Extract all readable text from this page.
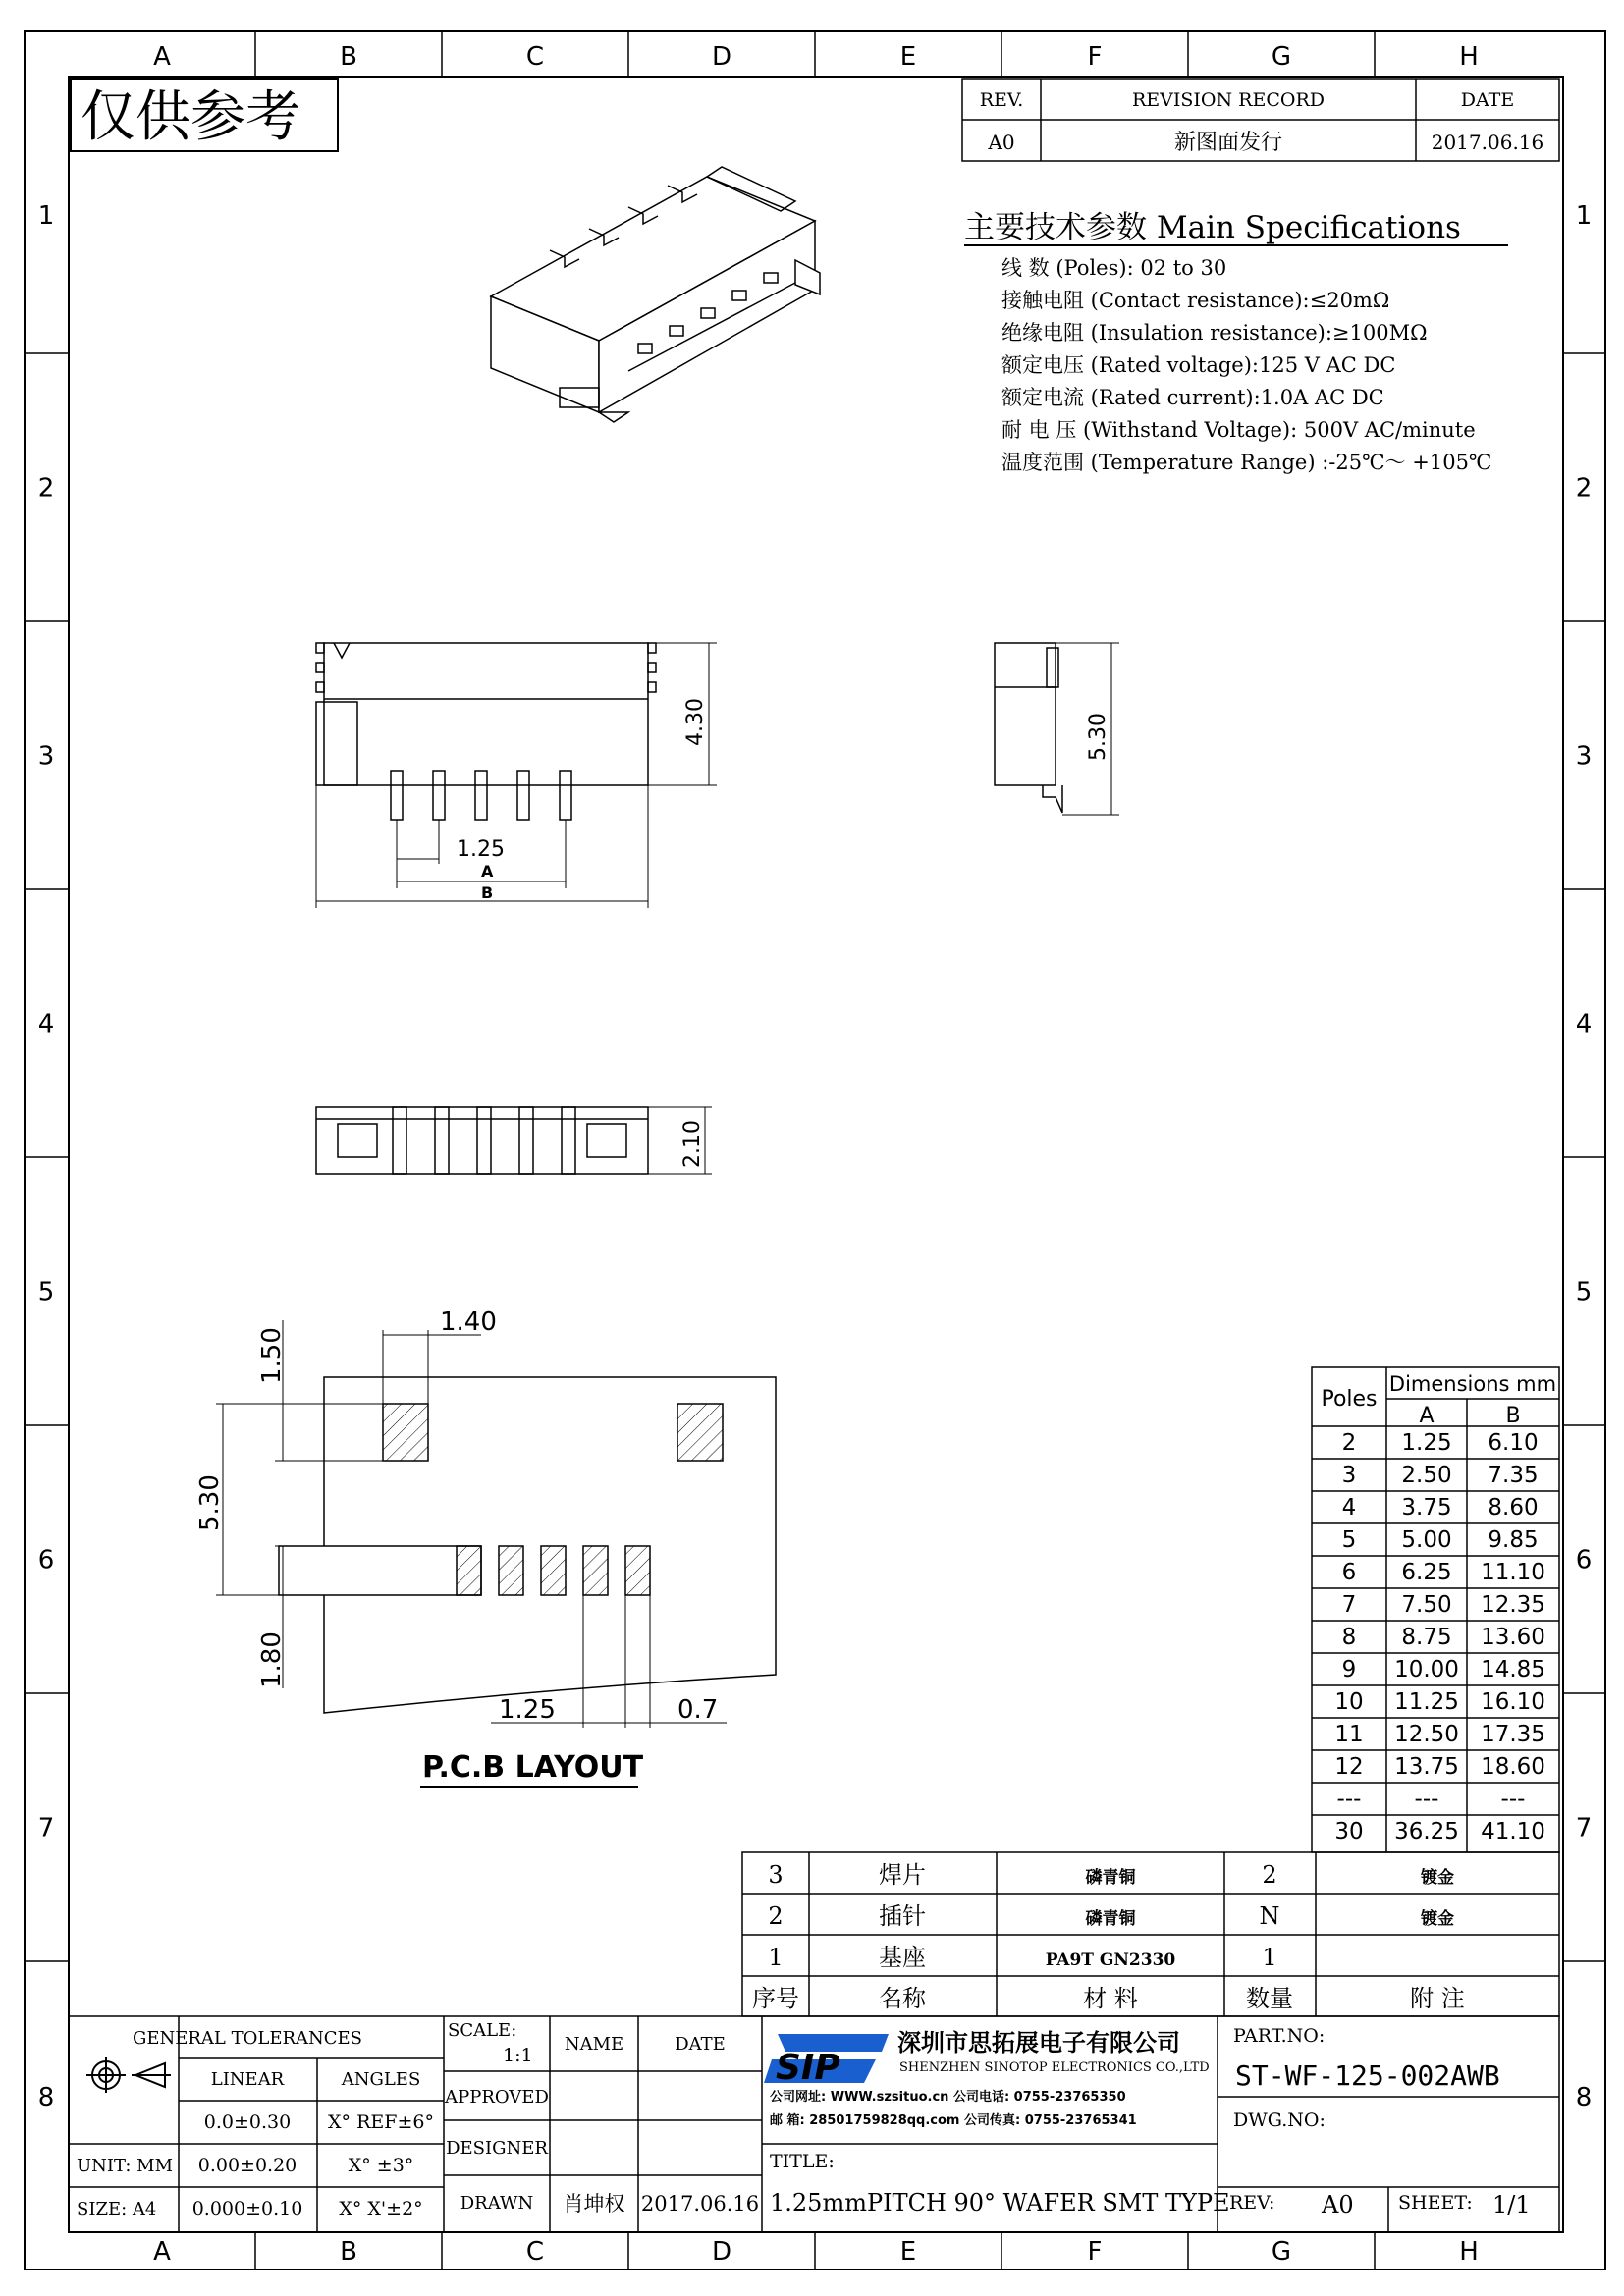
A
A
B
B
C
C
D
D
E
E
F
F
G
G
H
H
1	1
2	2
3	3
4	4
5	5
6	6
7	7
8	8
仅供参考	REV.	REVISION RECORD	DATE
A0	新图面发行	2017.06.16
主要技术参数 Main Specifications
线 数 (Poles): 02 to 30
接触电阻 (Contact resistance):≤20mΩ
绝缘电阻 (Insulation resistance):≥100MΩ
额定电压 (Rated voltage):125 V AC DC
额定电流 (Rated current):1.0A AC DC
耐 电 压 (Withstand Voltage): 500V AC/minute
温度范围 (Temperature Range) :-25℃～ +105℃
4.30
1.25
A
B
5.30
2.10
1.40
1.50
5.30
1.80
1.25	0.7
P.C.B LAYOUT
2 1.25 6.10
3 2.50 7.35
4 3.75 8.60
5 5.00 9.85
6 6.25 11.10
7 7.50 12.35
8 8.75 13.60
9 10.00 14.85
10 11.25 16.10
11 12.50 17.35
12 13.75 18.60
--- ---	---
30 36.25 41.10
Poles
Dimensions mm
A	B
3	焊片	磷青铜	2	镀金
2	插针	磷青铜	N	镀金
1	基座	PA9T GN2330	1
序号	名称	材 料	数量	附 注
GENERAL TOLERANCES
LINEAR	ANGLES
0.0±0.30 X° REF±6°
0.00±0.20	X° ±3°
0.000±0.10 X° X'±2°
UNIT: MM
SIZE: A4
SCALE:
1:1
NAME	DATE
APPROVED
DESIGNER
DRAWN 肖坤权 2017.06.16
SIP
深圳市思拓展电子有限公司
SHENZHEN SINOTOP ELECTRONICS CO.,LTD
公司网址: WWW.szsituo.cn 公司电话: 0755-23765350
邮 箱: 28501759828qq.com 公司传真: 0755-23765341
TITLE:
1.25mmPITCH 90° WAFER SMT TYPE
PART.NO:
ST-WF-125-002AWB
DWG.NO:
REV: A0 SHEET: 1/1
